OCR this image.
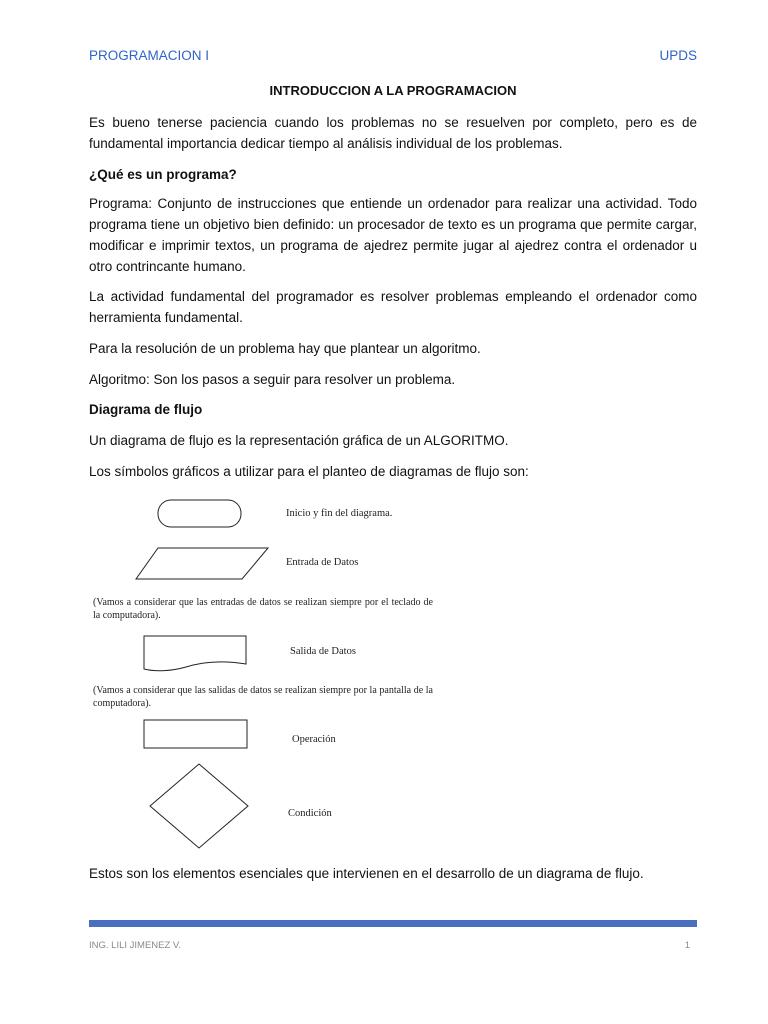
PROGRAMACION I	UPDS
INTRODUCCION A LA PROGRAMACION

Es bueno tenerse paciencia cuando los problemas no se resuelven por completo, pero es de fundamental importancia dedicar tiempo al análisis individual de los problemas.

¿Qué es un programa?

Programa: Conjunto de instrucciones que entiende un ordenador para realizar una actividad. Todo programa tiene un objetivo bien definido: un procesador de texto es un programa que permite cargar, modificar e imprimir textos, un programa de ajedrez permite jugar al ajedrez contra el ordenador u otro contrincante humano.

La actividad fundamental del programador es resolver problemas empleando el ordenador como herramienta fundamental.

Para la resolución de un problema hay que plantear un algoritmo.

Algoritmo: Son los pasos a seguir para resolver un problema.

Diagrama de flujo

Un diagrama de flujo es la representación gráfica de un ALGORITMO.

Los símbolos gráficos a utilizar para el planteo de diagramas de flujo son:

Inicio y fin del diagrama.
Entrada de Datos
(Vamos a considerar que las entradas de datos se realizan siempre por el teclado de la computadora).
Salida de Datos
(Vamos a considerar que las salidas de datos se realizan siempre por la pantalla de la computadora).
Operación
Condición

Estos son los elementos esenciales que intervienen en el desarrollo de un diagrama de flujo.

ING. LILI JIMENEZ V.	1
